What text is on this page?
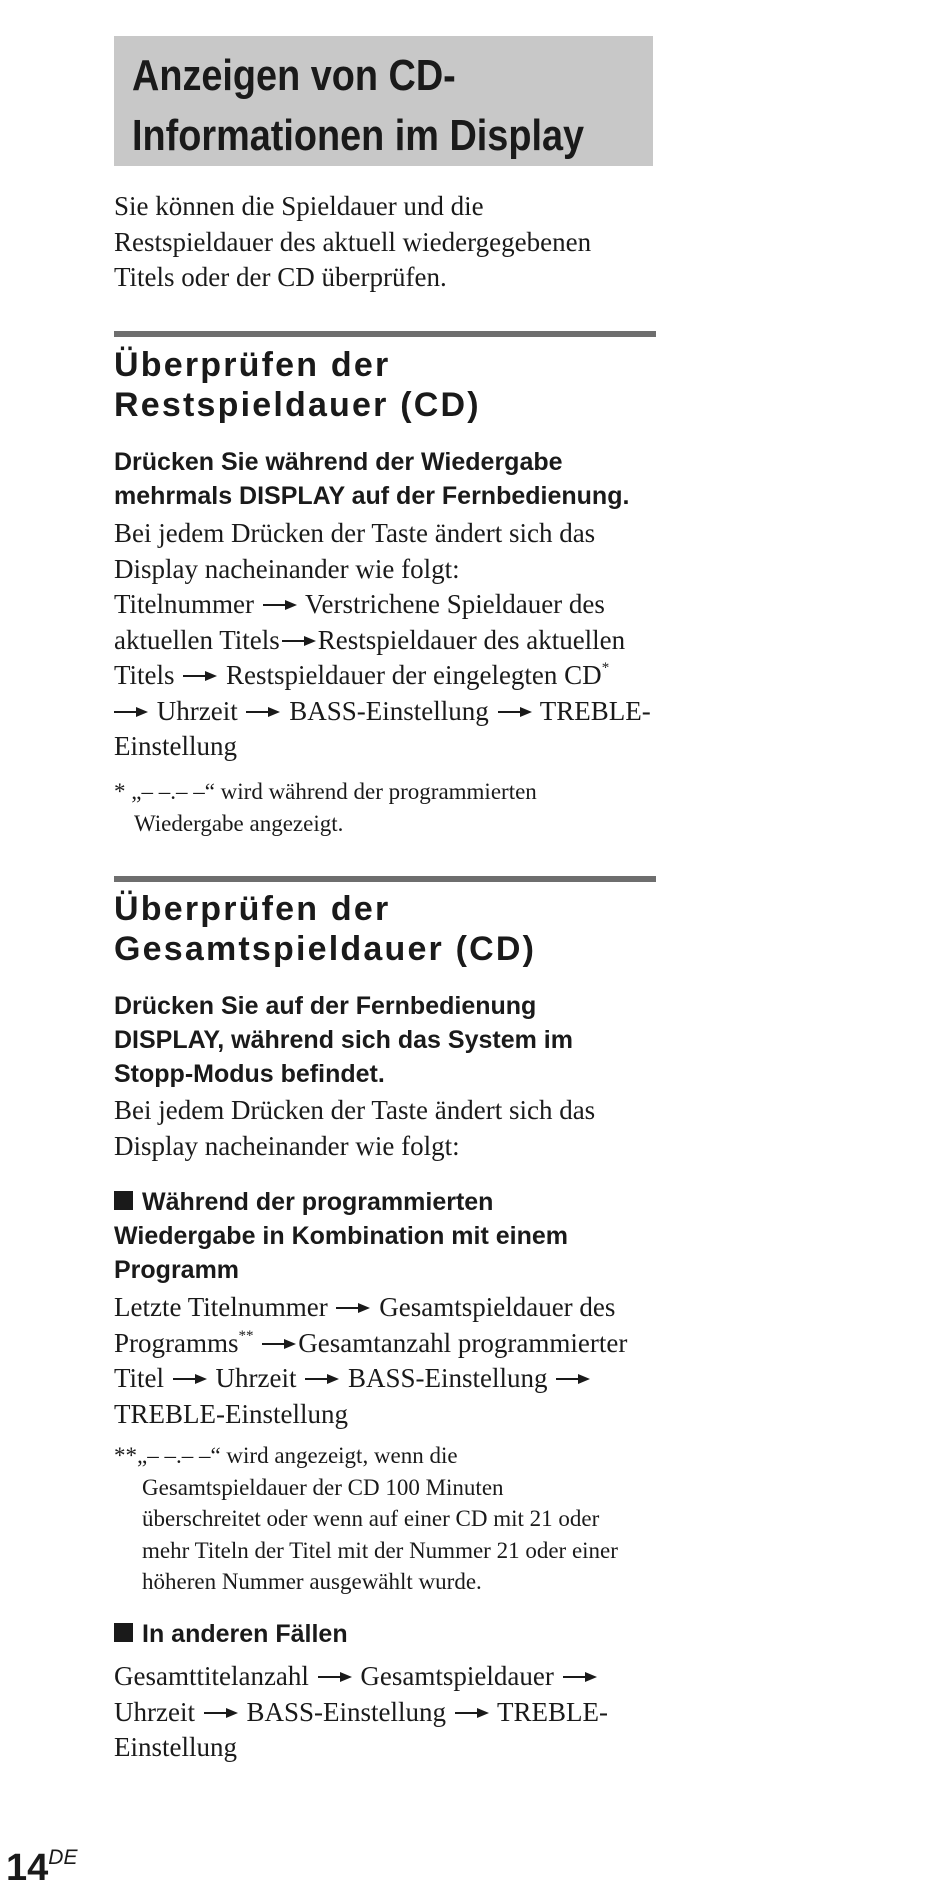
Anzeigen von CD-
Informationen im Display
Sie können die Spieldauer und die
Restspieldauer des aktuell wiedergegebenen
Titels oder der CD überprüfen.
Überprüfen der
Restspieldauer (CD)
Drücken Sie während der Wiedergabe
mehrmals DISPLAY auf der Fernbedienung.
Bei jedem Drücken der Taste ändert sich das
Display nacheinander wie folgt:
Titelnummer Verstrichene Spieldauer des
aktuellen Titels Restspieldauer des aktuellen
Titels Restspieldauer der eingelegten CD*
Uhrzeit BASS-Einstellung TREBLE-
Einstellung
* „– –.– –“ wird während der programmierten
Wiedergabe angezeigt.
Überprüfen der
Gesamtspieldauer (CD)
Drücken Sie auf der Fernbedienung
DISPLAY, während sich das System im
Stopp-Modus befindet.
Bei jedem Drücken der Taste ändert sich das
Display nacheinander wie folgt:
Während der programmierten
Wiedergabe in Kombination mit einem
Programm
Letzte Titelnummer Gesamtspieldauer des
Programms** Gesamtanzahl programmierter
Titel Uhrzeit BASS-Einstellung
TREBLE-Einstellung
**„– –.– –“ wird angezeigt, wenn die
Gesamtspieldauer der CD 100 Minuten
überschreitet oder wenn auf einer CD mit 21 oder
mehr Titeln der Titel mit der Nummer 21 oder einer
höheren Nummer ausgewählt wurde.
In anderen Fällen
Gesamttitelanzahl Gesamtspieldauer
Uhrzeit BASS-Einstellung TREBLE-
Einstellung
14DE
